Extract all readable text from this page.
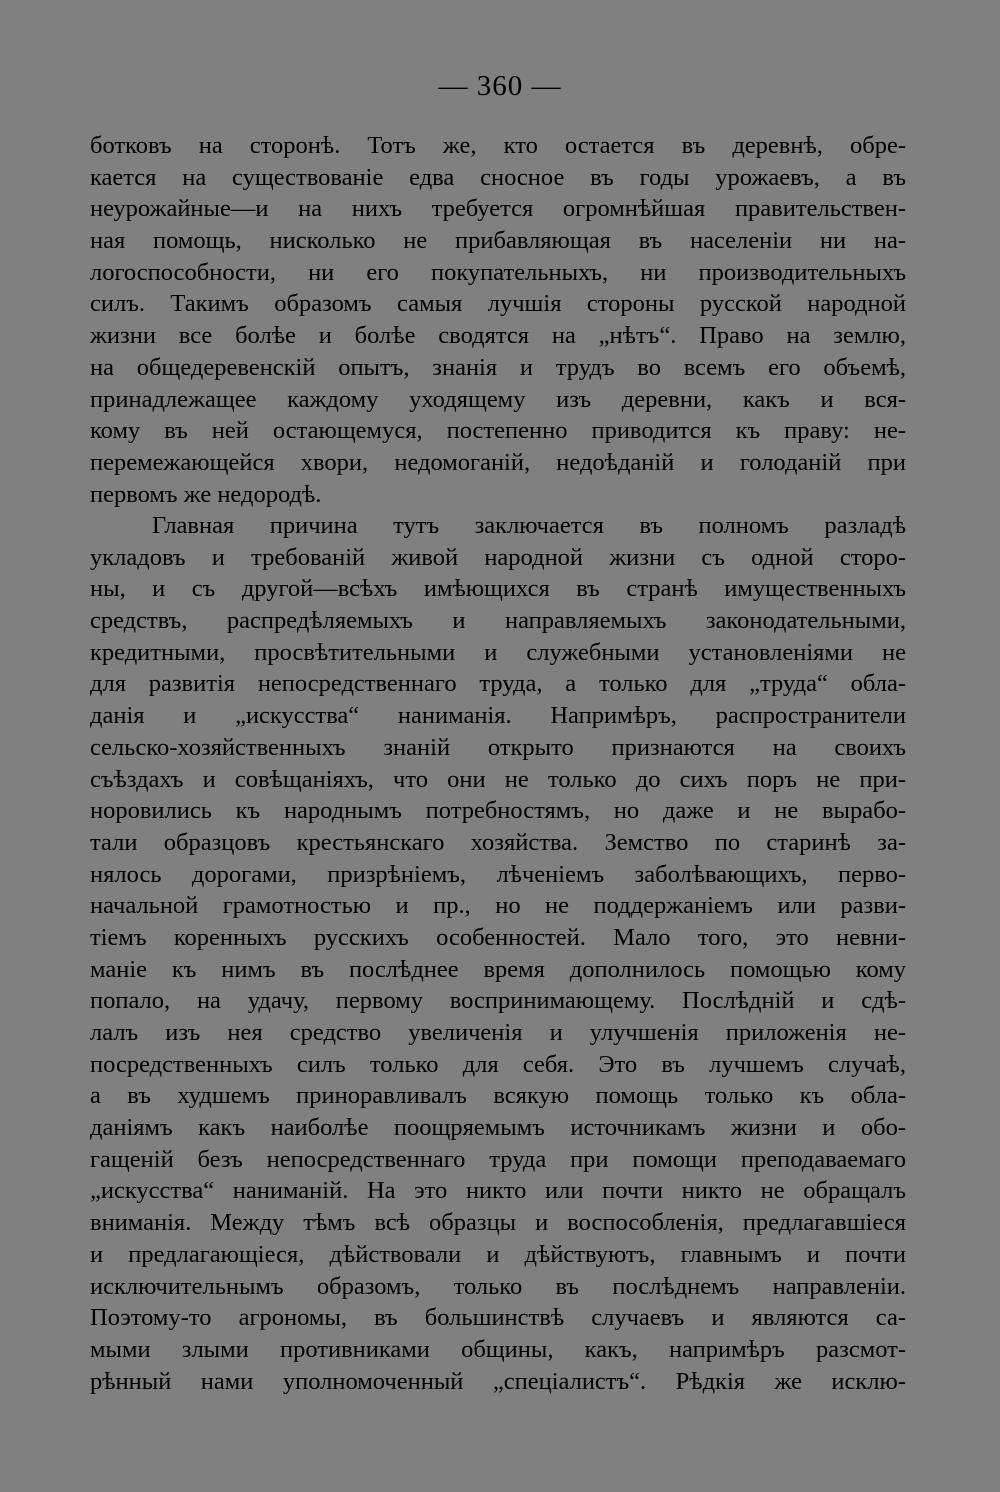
— 360 —
ботковъ на сторонѣ. Тотъ же, кто остается въ деревнѣ, обре-
кается на существованіе едва сносное въ годы урожаевъ, а въ
неурожайные—и на нихъ требуется огромнѣйшая правительствен-
ная помощь, нисколько не прибавляющая въ населеніи ни на-
логоспособности, ни его покупательныхъ, ни производительныхъ
силъ. Такимъ образомъ самыя лучшія стороны русской народной
жизни все болѣе и болѣе сводятся на „нѣтъ“. Право на землю,
на общедеревенскій опытъ, знанія и трудъ во всемъ его объемѣ,
принадлежащее каждому уходящему изъ деревни, какъ и вся-
кому въ ней остающемуся, постепенно приводится къ праву: не-
перемежающейся хвори, недомоганій, недоѣданій и голоданій при
первомъ же недородѣ.
Главная причина тутъ заключается въ полномъ разладѣ
укладовъ и требованій живой народной жизни съ одной сторо-
ны, и съ другой—всѣхъ имѣющихся въ странѣ имущественныхъ
средствъ, распредѣляемыхъ и направляемыхъ законодательными,
кредитными, просвѣтительными и служебными установленіями не
для развитія непосредственнаго труда, а только для „труда“ обла-
данія и „искусства“ наниманія. Напримѣръ, распространители
сельско-хозяйственныхъ знаній открыто признаются на своихъ
съѣздахъ и совѣщаніяхъ, что они не только до сихъ поръ не при-
норовились къ народнымъ потребностямъ, но даже и не вырабо-
тали образцовъ крестьянскаго хозяйства. Земство по старинѣ за-
нялось дорогами, призрѣніемъ, лѣченіемъ заболѣвающихъ, перво-
начальной грамотностью и пр., но не поддержаніемъ или разви-
тіемъ коренныхъ русскихъ особенностей. Мало того, это невни-
маніе къ нимъ въ послѣднее время дополнилось помощью кому
попало, на удачу, первому воспринимающему. Послѣдній и сдѣ-
лалъ изъ нея средство увеличенія и улучшенія приложенія не-
посредственныхъ силъ только для себя. Это въ лучшемъ случаѣ,
а въ худшемъ приноравливалъ всякую помощь только къ обла-
даніямъ какъ наиболѣе поощряемымъ источникамъ жизни и обо-
гащеній безъ непосредственнаго труда при помощи преподаваемаго
„искусства“ наниманій. На это никто или почти никто не обращалъ
вниманія. Между тѣмъ всѣ образцы и воспособленія, предлагавшіеся
и предлагающіеся, дѣйствовали и дѣйствуютъ, главнымъ и почти
исключительнымъ образомъ, только въ послѣднемъ направленіи.
Поэтому-то агрономы, въ большинствѣ случаевъ и являются са-
мыми злыми противниками общины, какъ, напримѣръ разсмот-
рѣнный нами уполномоченный „спеціалистъ“. Рѣдкія же исклю-
